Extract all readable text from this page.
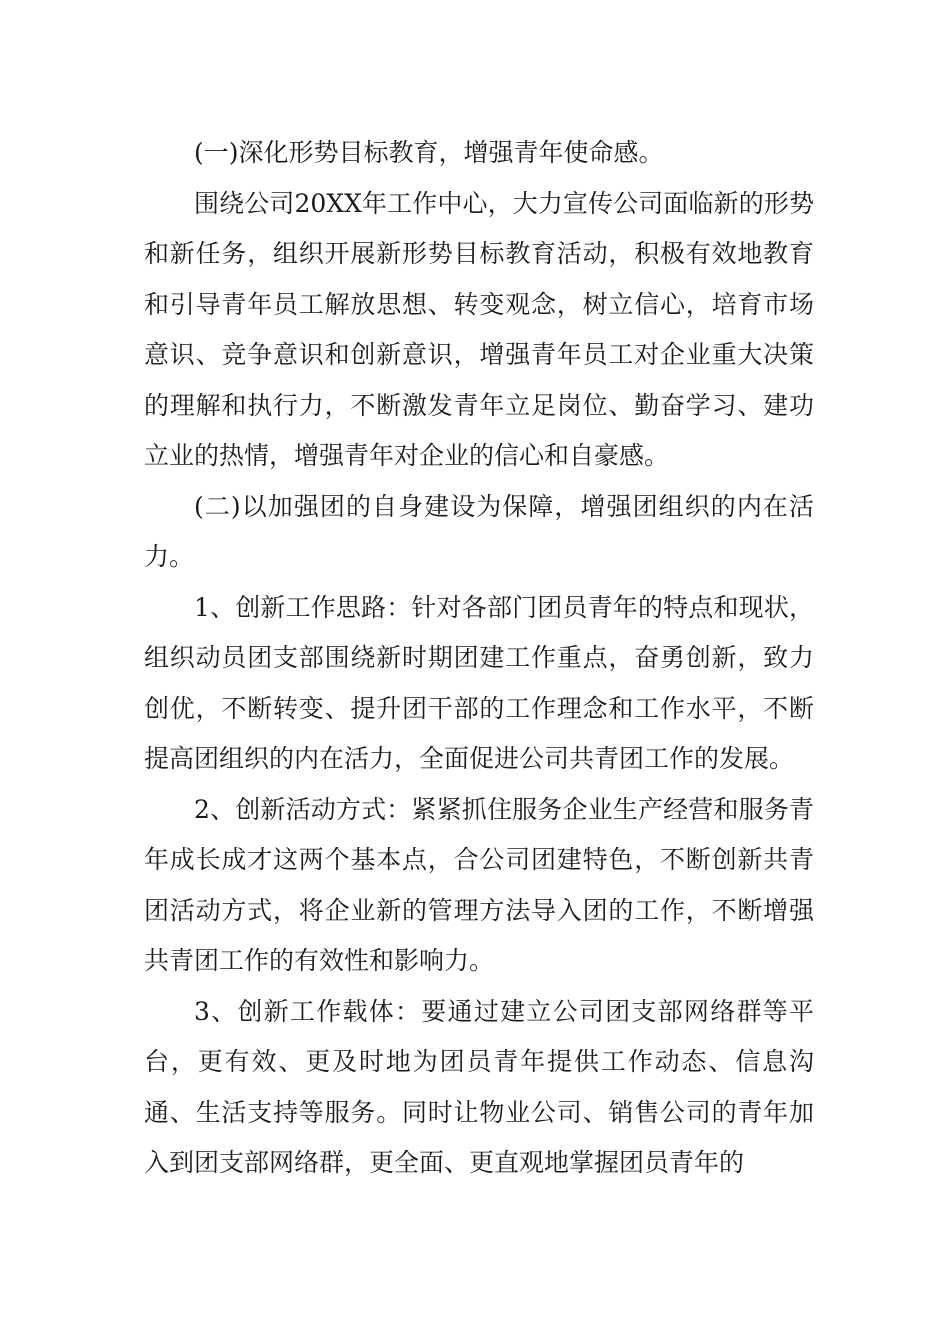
(一)深化形势目标教育，增强青年使命感。

围绕公司20XX年工作中心，大力宣传公司面临新的形势和新任务，组织开展新形势目标教育活动，积极有效地教育和引导青年员工解放思想、转变观念，树立信心，培育市场意识、竞争意识和创新意识，增强青年员工对企业重大决策的理解和执行力，不断激发青年立足岗位、勤奋学习、建功立业的热情，增强青年对企业的信心和自豪感。

(二)以加强团的自身建设为保障，增强团组织的内在活力。

1、创新工作思路：针对各部门团员青年的特点和现状，组织动员团支部围绕新时期团建工作重点，奋勇创新，致力创优，不断转变、提升团干部的工作理念和工作水平，不断提高团组织的内在活力，全面促进公司共青团工作的发展。

2、创新活动方式：紧紧抓住服务企业生产经营和服务青年成长成才这两个基本点，合公司团建特色，不断创新共青团活动方式，将企业新的管理方法导入团的工作，不断增强共青团工作的有效性和影响力。

3、创新工作载体：要通过建立公司团支部网络群等平台，更有效、更及时地为团员青年提供工作动态、信息沟通、生活支持等服务。同时让物业公司、销售公司的青年加入到团支部网络群，更全面、更直观地掌握团员青年的
